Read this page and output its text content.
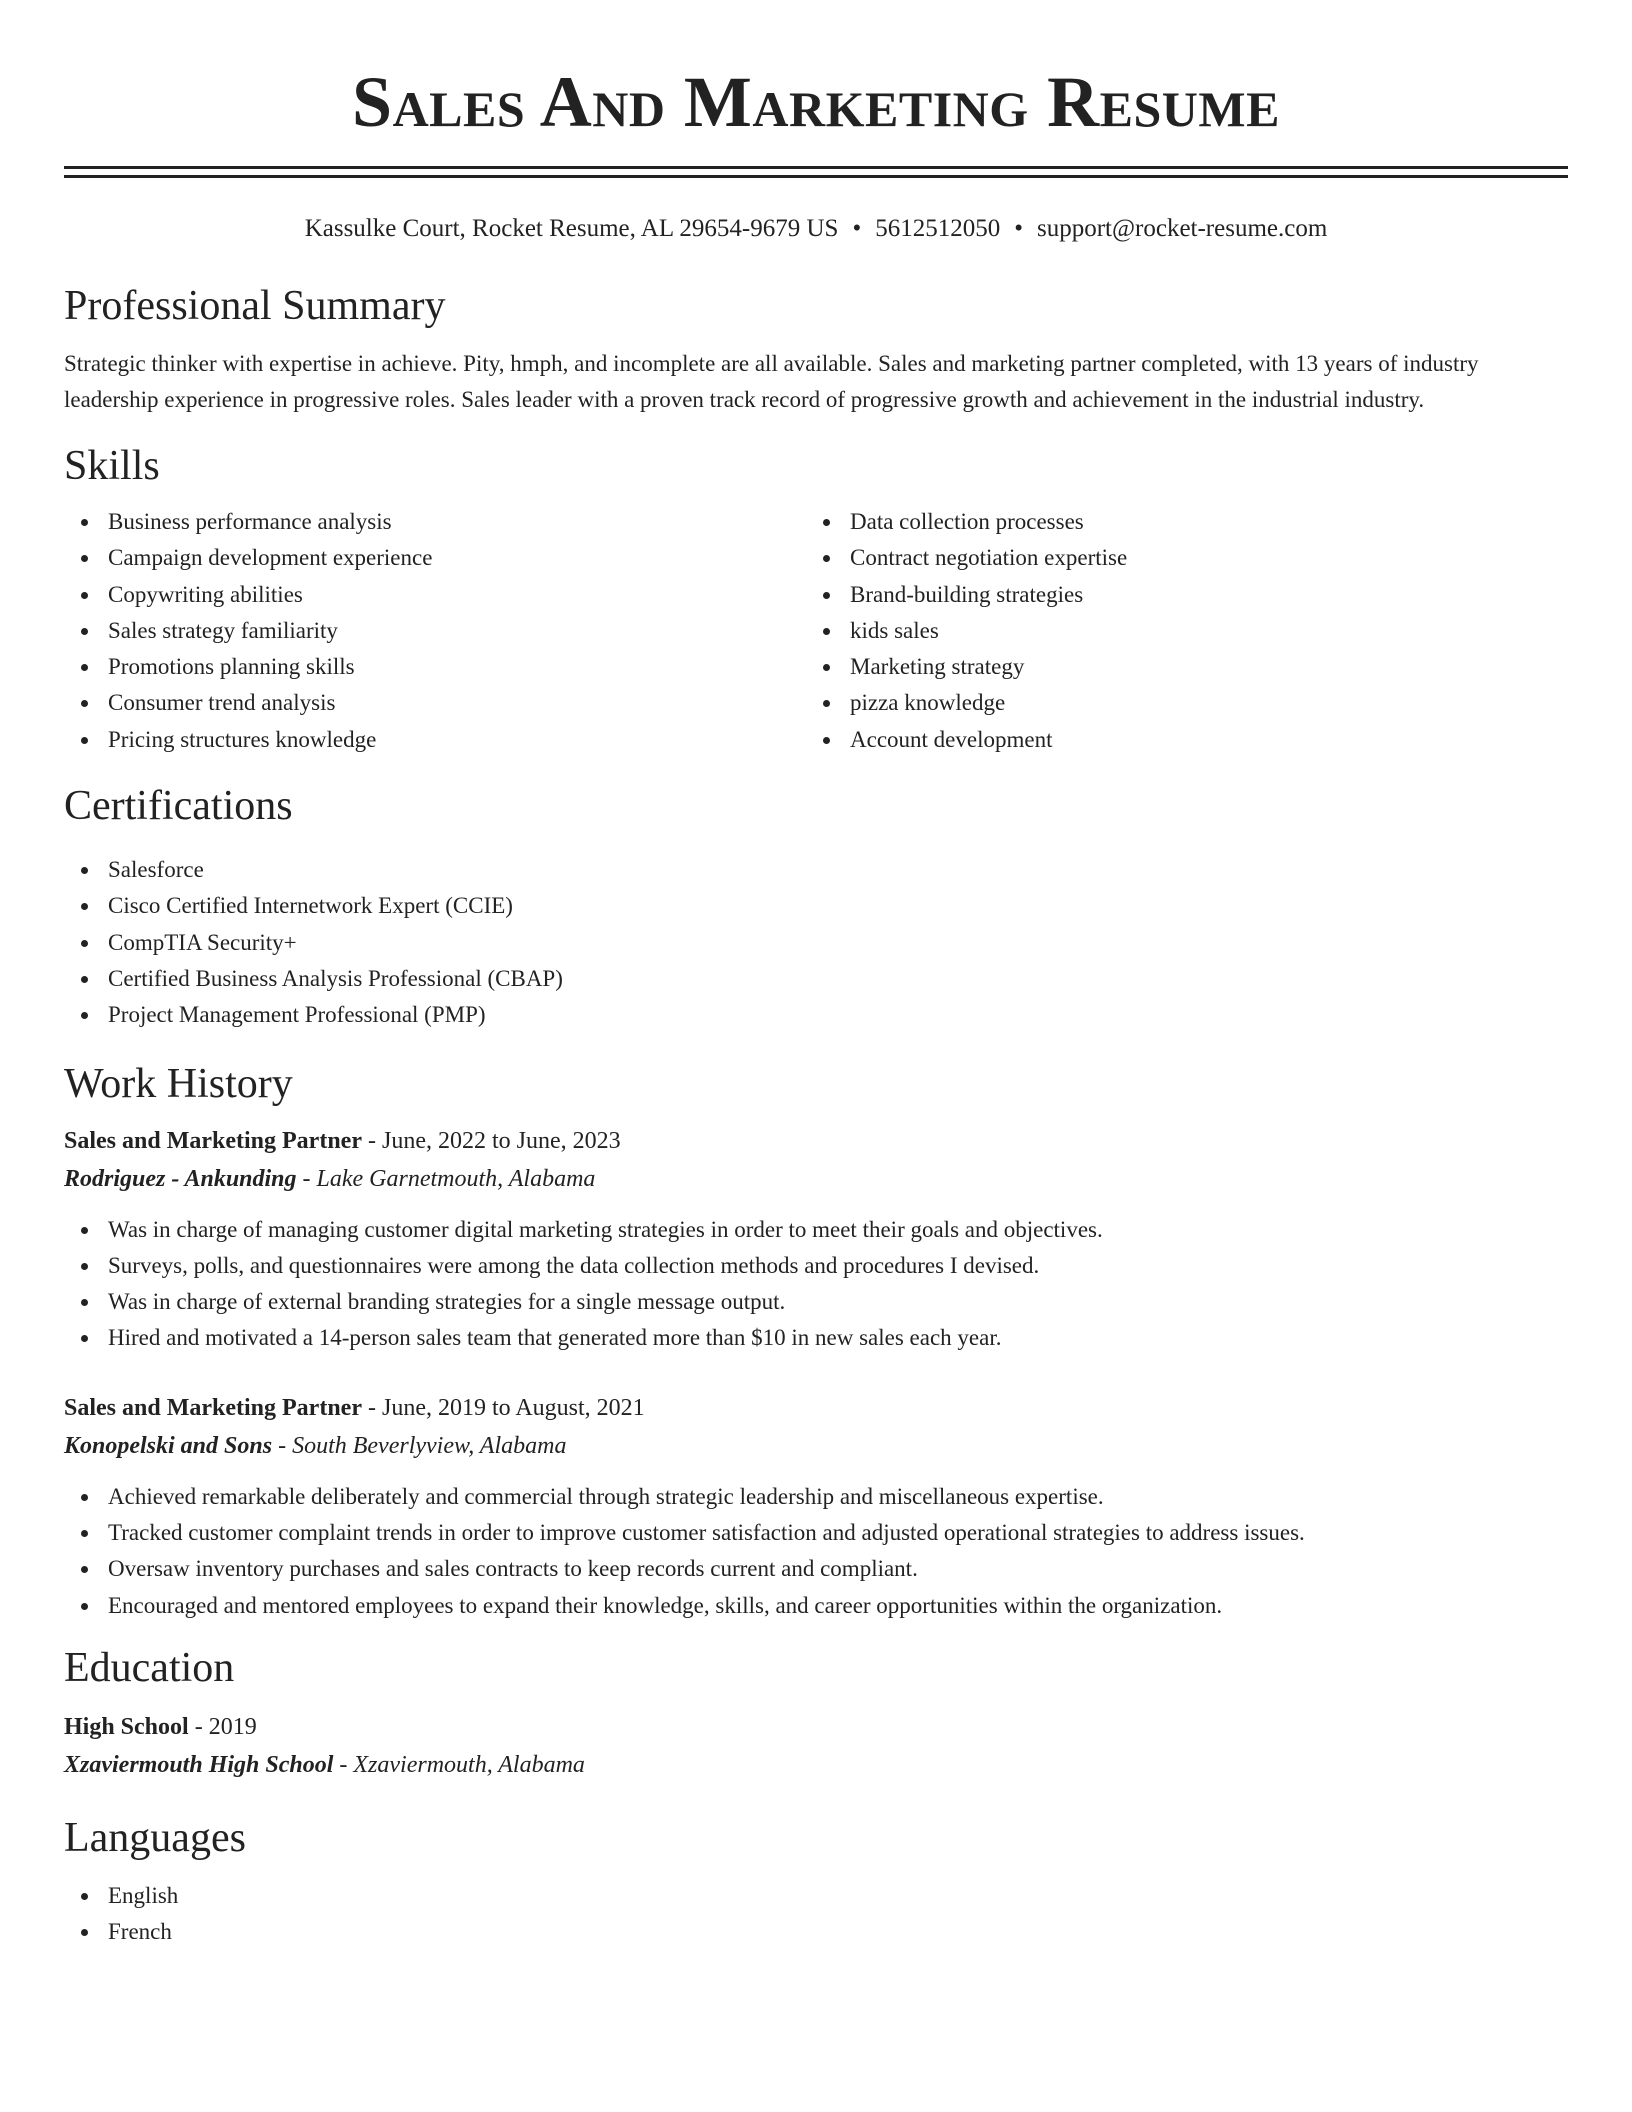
Sales And Marketing Resume
Kassulke Court, Rocket Resume, AL 29654-9679 US • 5612512050 • support@rocket-resume.com
Professional Summary

Strategic thinker with expertise in achieve. Pity, hmph, and incomplete are all available. Sales and marketing partner completed, with 13 years of industry leadership experience in progressive roles. Sales leader with a proven track record of progressive growth and achievement in the industrial industry.

Skills
Business performance analysis
Campaign development experience
Copywriting abilities
Sales strategy familiarity
Promotions planning skills
Consumer trend analysis
Pricing structures knowledge
Data collection processes
Contract negotiation expertise
Brand-building strategies
kids sales
Marketing strategy
pizza knowledge
Account development
Certifications
Salesforce
Cisco Certified Internetwork Expert (CCIE)
CompTIA Security+
Certified Business Analysis Professional (CBAP)
Project Management Professional (PMP)
Work History
Sales and Marketing Partner - June, 2022 to June, 2023
Rodriguez - Ankunding - Lake Garnetmouth, Alabama
Was in charge of managing customer digital marketing strategies in order to meet their goals and objectives.
Surveys, polls, and questionnaires were among the data collection methods and procedures I devised.
Was in charge of external branding strategies for a single message output.
Hired and motivated a 14-person sales team that generated more than $10 in new sales each year.
Sales and Marketing Partner - June, 2019 to August, 2021
Konopelski and Sons - South Beverlyview, Alabama
Achieved remarkable deliberately and commercial through strategic leadership and miscellaneous expertise.
Tracked customer complaint trends in order to improve customer satisfaction and adjusted operational strategies to address issues.
Oversaw inventory purchases and sales contracts to keep records current and compliant.
Encouraged and mentored employees to expand their knowledge, skills, and career opportunities within the organization.
Education
High School - 2019
Xzaviermouth High School - Xzaviermouth, Alabama
Languages
English
French
